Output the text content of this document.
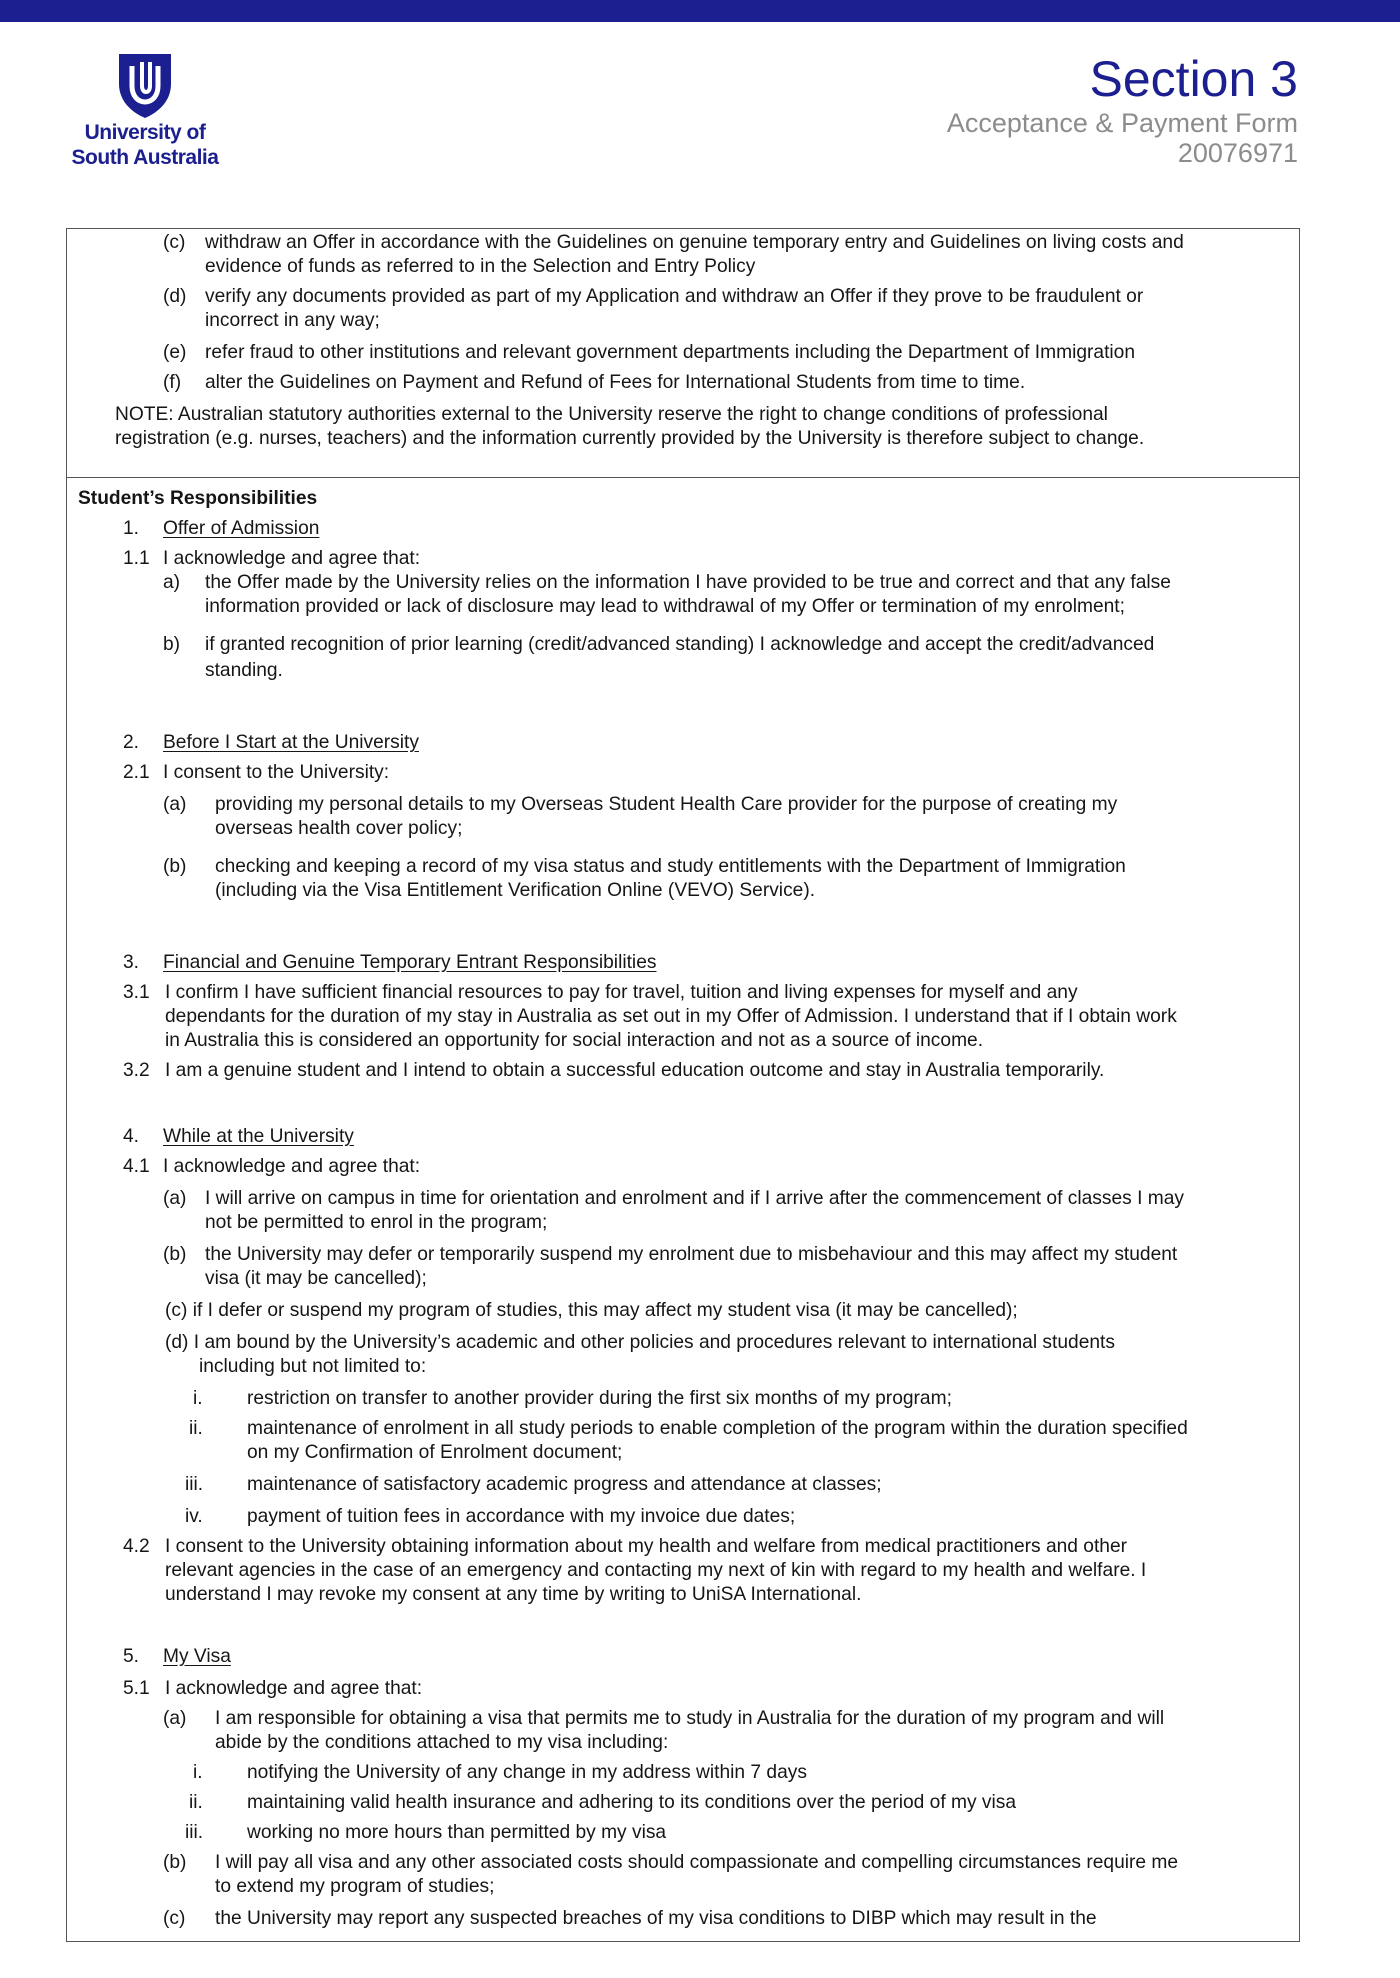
University of
South Australia
Section 3
Acceptance & Payment Form
20076971
(c) withdraw an Offer in accordance with the Guidelines on genuine temporary entry and Guidelines on living costs and
evidence of funds as referred to in the Selection and Entry Policy
(d) verify any documents provided as part of my Application and withdraw an Offer if they prove to be fraudulent or
incorrect in any way;
(e) refer fraud to other institutions and relevant government departments including the Department of Immigration
(f) alter the Guidelines on Payment and Refund of Fees for International Students from time to time.
NOTE: Australian statutory authorities external to the University reserve the right to change conditions of professional
registration (e.g. nurses, teachers) and the information currently provided by the University is therefore subject to change.
Student’s Responsibilities
1. Offer of Admission
1.1 I acknowledge and agree that:
a) the Offer made by the University relies on the information I have provided to be true and correct and that any false
information provided or lack of disclosure may lead to withdrawal of my Offer or termination of my enrolment;
b) if granted recognition of prior learning (credit/advanced standing) I acknowledge and accept the credit/advanced
standing.
2. Before I Start at the University
2.1 I consent to the University:
(a) providing my personal details to my Overseas Student Health Care provider for the purpose of creating my
overseas health cover policy;
(b) checking and keeping a record of my visa status and study entitlements with the Department of Immigration
(including via the Visa Entitlement Verification Online (VEVO) Service).
3. Financial and Genuine Temporary Entrant Responsibilities
3.1 I confirm I have sufficient financial resources to pay for travel, tuition and living expenses for myself and any
dependants for the duration of my stay in Australia as set out in my Offer of Admission. I understand that if I obtain work
in Australia this is considered an opportunity for social interaction and not as a source of income.
3.2 I am a genuine student and I intend to obtain a successful education outcome and stay in Australia temporarily.
4. While at the University
4.1 I acknowledge and agree that:
(a) I will arrive on campus in time for orientation and enrolment and if I arrive after the commencement of classes I may
not be permitted to enrol in the program;
(b) the University may defer or temporarily suspend my enrolment due to misbehaviour and this may affect my student
visa (it may be cancelled);
(c) if I defer or suspend my program of studies, this may affect my student visa (it may be cancelled);
(d) I am bound by the University’s academic and other policies and procedures relevant to international students
including but not limited to:
i. restriction on transfer to another provider during the first six months of my program;
ii. maintenance of enrolment in all study periods to enable completion of the program within the duration specified
on my Confirmation of Enrolment document;
iii. maintenance of satisfactory academic progress and attendance at classes;
iv. payment of tuition fees in accordance with my invoice due dates;
4.2 I consent to the University obtaining information about my health and welfare from medical practitioners and other
relevant agencies in the case of an emergency and contacting my next of kin with regard to my health and welfare. I
understand I may revoke my consent at any time by writing to UniSA International.
5. My Visa
5.1 I acknowledge and agree that:
(a) I am responsible for obtaining a visa that permits me to study in Australia for the duration of my program and will
abide by the conditions attached to my visa including:
i. notifying the University of any change in my address within 7 days
ii. maintaining valid health insurance and adhering to its conditions over the period of my visa
iii. working no more hours than permitted by my visa
(b) I will pay all visa and any other associated costs should compassionate and compelling circumstances require me
to extend my program of studies;
(c) the University may report any suspected breaches of my visa conditions to DIBP which may result in the
